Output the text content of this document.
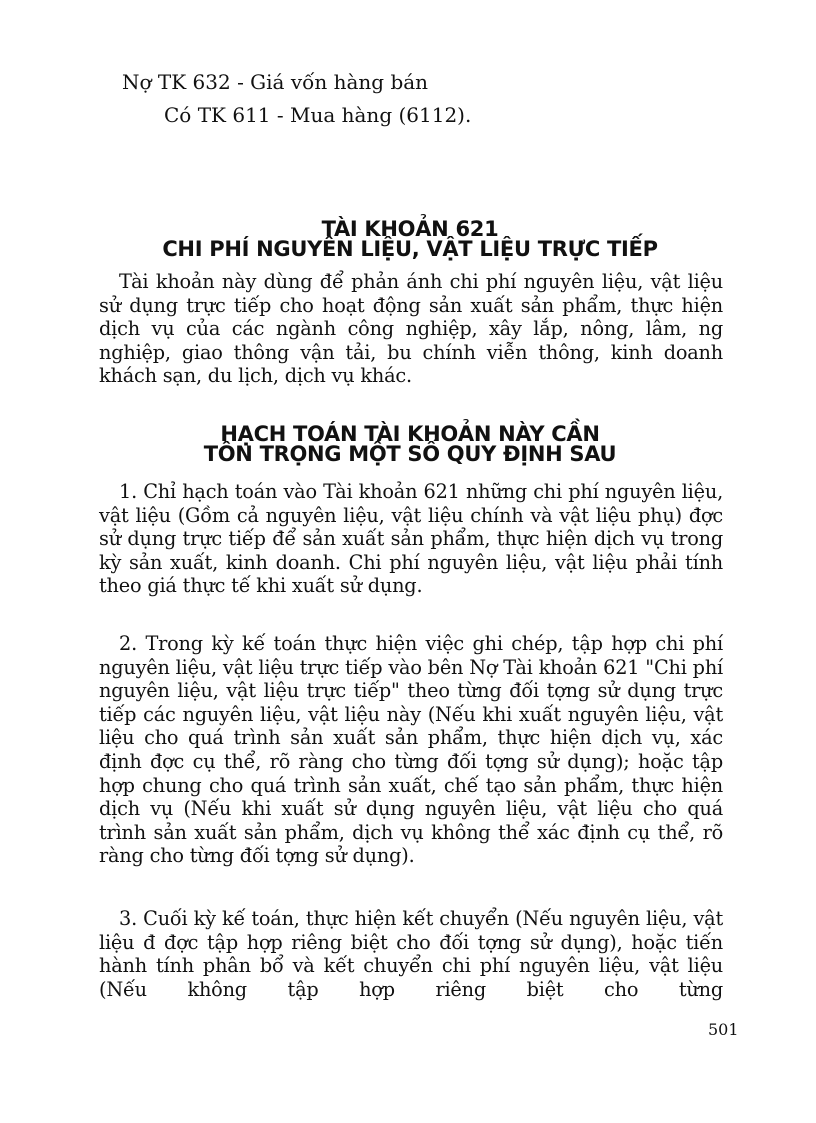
Nợ TK 632 - Giá vốn hàng bán
Có TK 611 - Mua hàng (6112).
TÀI KHOẢN 621
CHI PHÍ NGUYÊN LIỆU, VẬT LIỆU TRỰC TIẾP

Tài khoản này dùng để phản ánh chi phí nguyên liệu, vật liệu sử dụng trực tiếp cho hoạt động sản xuất sản phẩm, thực hiện dịch vụ của các ngành công nghiệp, xây lắp, nông, lâm, ng nghiệp, giao thông vận tải, bu chính viễn thông, kinh doanh khách sạn, du lịch, dịch vụ khác.

HẠCH TOÁN TÀI KHOẢN NÀY CẦN
TÔN TRỌNG MỘT SỐ QUY ĐỊNH SAU

1. Chỉ hạch toán vào Tài khoản 621 những chi phí nguyên liệu, vật liệu (Gồm cả nguyên liệu, vật liệu chính và vật liệu phụ) đợc sử dụng trực tiếp để sản xuất sản phẩm, thực hiện dịch vụ trong kỳ sản xuất, kinh doanh. Chi phí nguyên liệu, vật liệu phải tính theo giá thực tế khi xuất sử dụng.

2. Trong kỳ kế toán thực hiện việc ghi chép, tập hợp chi phí nguyên liệu, vật liệu trực tiếp vào bên Nợ Tài khoản 621 "Chi phí nguyên liệu, vật liệu trực tiếp" theo từng đối tợng sử dụng trực tiếp các nguyên liệu, vật liệu này (Nếu khi xuất nguyên liệu, vật liệu cho quá trình sản xuất sản phẩm, thực hiện dịch vụ, xác định đợc cụ thể, rõ ràng cho từng đối tợng sử dụng); hoặc tập hợp chung cho quá trình sản xuất, chế tạo sản phẩm, thực hiện dịch vụ (Nếu khi xuất sử dụng nguyên liệu, vật liệu cho quá trình sản xuất sản phẩm, dịch vụ không thể xác định cụ thể, rõ ràng cho từng đối tợng sử dụng).

3. Cuối kỳ kế toán, thực hiện kết chuyển (Nếu nguyên liệu, vật liệu đ đợc tập hợp riêng biệt cho đối tợng sử dụng), hoặc tiến hành tính phân bổ và kết chuyển chi phí nguyên liệu, vật liệu (Nếu không tập hợp riêng biệt cho từng

501
